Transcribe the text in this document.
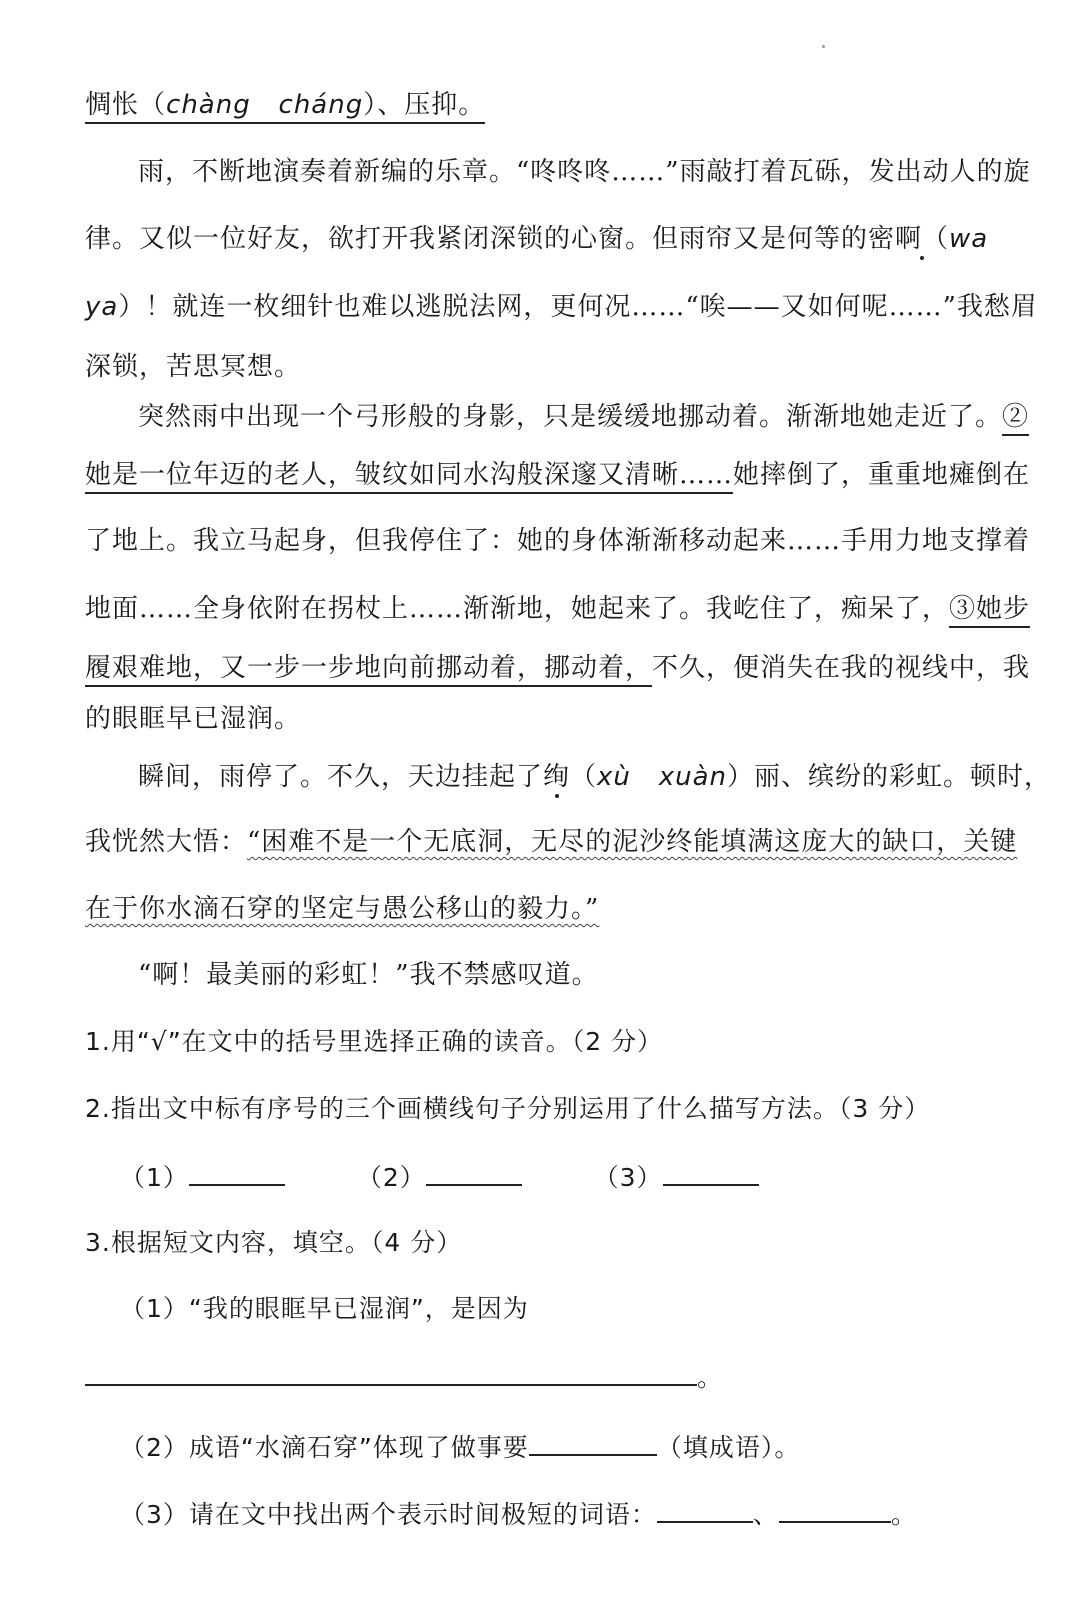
惆怅（chàng cháng）、压抑。
雨，不断地演奏着新编的乐章。“咚咚咚……”雨敲打着瓦砾，发出动人的旋
律。又似一位好友，欲打开我紧闭深锁的心窗。但雨帘又是何等的密啊（wa
ya）！就连一枚细针也难以逃脱法网，更何况……“唉——又如何呢……”我愁眉
深锁，苦思冥想。
突然雨中出现一个弓形般的身影，只是缓缓地挪动着。渐渐地她走近了。②
她是一位年迈的老人，皱纹如同水沟般深邃又清晰……她摔倒了，重重地瘫倒在
了地上。我立马起身，但我停住了：她的身体渐渐移动起来……手用力地支撑着
地面……全身依附在拐杖上……渐渐地，她起来了。我屹住了，痴呆了，③她步
履艰难地，又一步一步地向前挪动着，挪动着，不久，便消失在我的视线中，我
的眼眶早已湿润。
瞬间，雨停了。不久，天边挂起了绚（xù xuàn）丽、缤纷的彩虹。顿时，
我恍然大悟：“困难不是一个无底洞，无尽的泥沙终能填满这庞大的缺口，关键
在于你水滴石穿的坚定与愚公移山的毅力。”
“啊！最美丽的彩虹！”我不禁感叹道。
1.用“√”在文中的括号里选择正确的读音。（2 分）
2.指出文中标有序号的三个画横线句子分别运用了什么描写方法。（3 分）
（1）	（2）	（3）
3.根据短文内容，填空。（4 分）
（1）“我的眼眶早已湿润”，是因为
。
（2）成语“水滴石穿”体现了做事要	（填成语）。
（3）请在文中找出两个表示时间极短的词语：	、	。
